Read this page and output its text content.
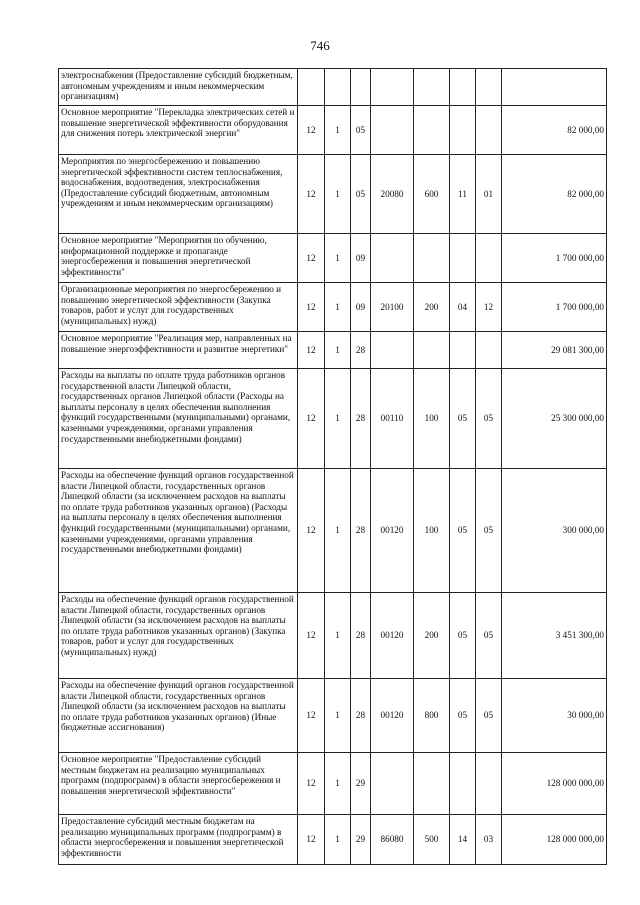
746
электроснабжения (Предоставление субсидий бюджетным, автономным учреждениям и иным некоммерческим организациям)								
Основное мероприятие "Перекладка электрических сетей и повышение энергетической эффективности оборудования для снижения потерь электрической энергии"	12	1	05					82 000,00
Мероприятия по энергосбережению и повышению энергетической эффективности систем теплоснабжения, водоснабжения, водоотведения, электроснабжения (Предоставление субсидий бюджетным, автономным учреждениям и иным некоммерческим организациям)	12	1	05	20080	600	11	01	82 000,00
Основное мероприятие "Мероприятия по обучению, информационной поддержке и пропаганде энергосбережения и повышения энергетической эффективности"	12	1	09					1 700 000,00
Организационные мероприятия по энергосбережению и повышению энергетической эффективности (Закупка товаров, работ и услуг для государственных (муниципальных) нужд)	12	1	09	20100	200	04	12	1 700 000,00
Основное мероприятие "Реализация мер, направленных на повышение энергоэффективности и развитие энергетики"	12	1	28					29 081 300,00
Расходы на выплаты по оплате труда работников органов государственной власти Липецкой области, государственных органов Липецкой области (Расходы на выплаты персоналу в целях обеспечения выполнения функций государственными (муниципальными) органами, казенными учреждениями, органами управления государственными внебюджетными фондами)	12	1	28	00110	100	05	05	25 300 000,00
Расходы на обеспечение функций органов государственной власти Липецкой области, государственных органов Липецкой области (за исключением расходов на выплаты по оплате труда работников указанных органов) (Расходы на выплаты персоналу в целях обеспечения выполнения функций государственными (муниципальными) органами, казенными учреждениями, органами управления государственными внебюджетными фондами)	12	1	28	00120	100	05	05	300 000,00
Расходы на обеспечение функций органов государственной власти Липецкой области, государственных органов Липецкой области (за исключением расходов на выплаты по оплате труда работников указанных органов) (Закупка товаров, работ и услуг для государственных (муниципальных) нужд)	12	1	28	00120	200	05	05	3 451 300,00
Расходы на обеспечение функций органов государственной власти Липецкой области, государственных органов Липецкой области (за исключением расходов на выплаты по оплате труда работников указанных органов) (Иные бюджетные ассигнования)	12	1	28	00120	800	05	05	30 000,00
Основное мероприятие "Предоставление субсидий местным бюджетам на реализацию муниципальных программ (подпрограмм) в области энергосбережения и повышения энергетической эффективности"	12	1	29					128 000 000,00
Предоставление субсидий местным бюджетам на реализацию муниципальных программ (подпрограмм) в области энергосбережения и повышения энергетической эффективности	12	1	29	86080	500	14	03	128 000 000,00
